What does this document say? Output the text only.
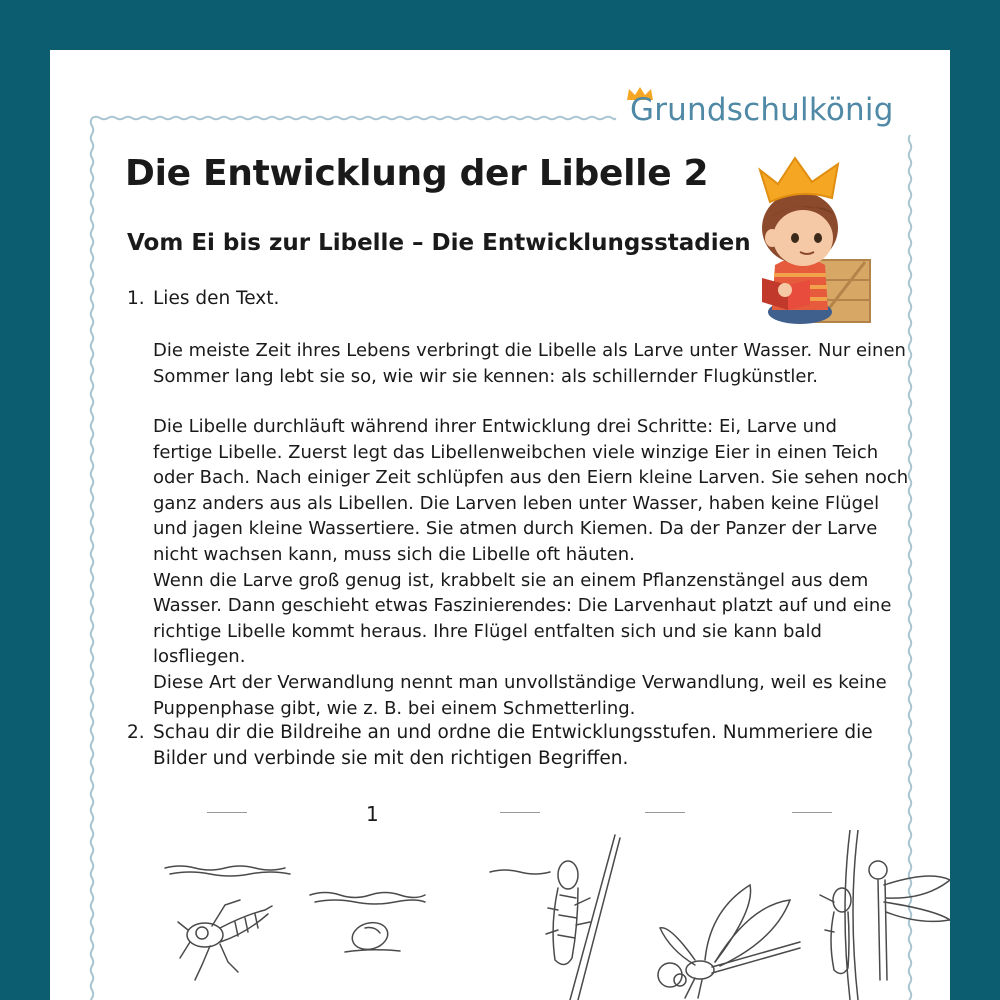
Grundschulkönig
Die Entwicklung der Libelle 2
Vom Ei bis zur Libelle – Die Entwicklungsstadien
1. Lies den Text.
Die meiste Zeit ihres Lebens verbringt die Libelle als Larve unter Wasser. Nur einen
Sommer lang lebt sie so, wie wir sie kennen: als schillernder Flugkünstler.
Die Libelle durchläuft während ihrer Entwicklung drei Schritte: Ei, Larve und
fertige Libelle. Zuerst legt das Libellenweibchen viele winzige Eier in einen Teich
oder Bach. Nach einiger Zeit schlüpfen aus den Eiern kleine Larven. Sie sehen noch
ganz anders aus als Libellen. Die Larven leben unter Wasser, haben keine Flügel
und jagen kleine Wassertiere. Sie atmen durch Kiemen. Da der Panzer der Larve
nicht wachsen kann, muss sich die Libelle oft häuten.
Wenn die Larve groß genug ist, krabbelt sie an einem Pflanzenstängel aus dem
Wasser. Dann geschieht etwas Faszinierendes: Die Larvenhaut platzt auf und eine
richtige Libelle kommt heraus. Ihre Flügel entfalten sich und sie kann bald losfliegen.
Diese Art der Verwandlung nennt man unvollständige Verwandlung, weil es keine
Puppenphase gibt, wie z. B. bei einem Schmetterling.
2. Schau dir die Bildreihe an und ordne die Entwicklungsstufen. Nummeriere die
Bilder und verbinde sie mit den richtigen Begriffen.
1
